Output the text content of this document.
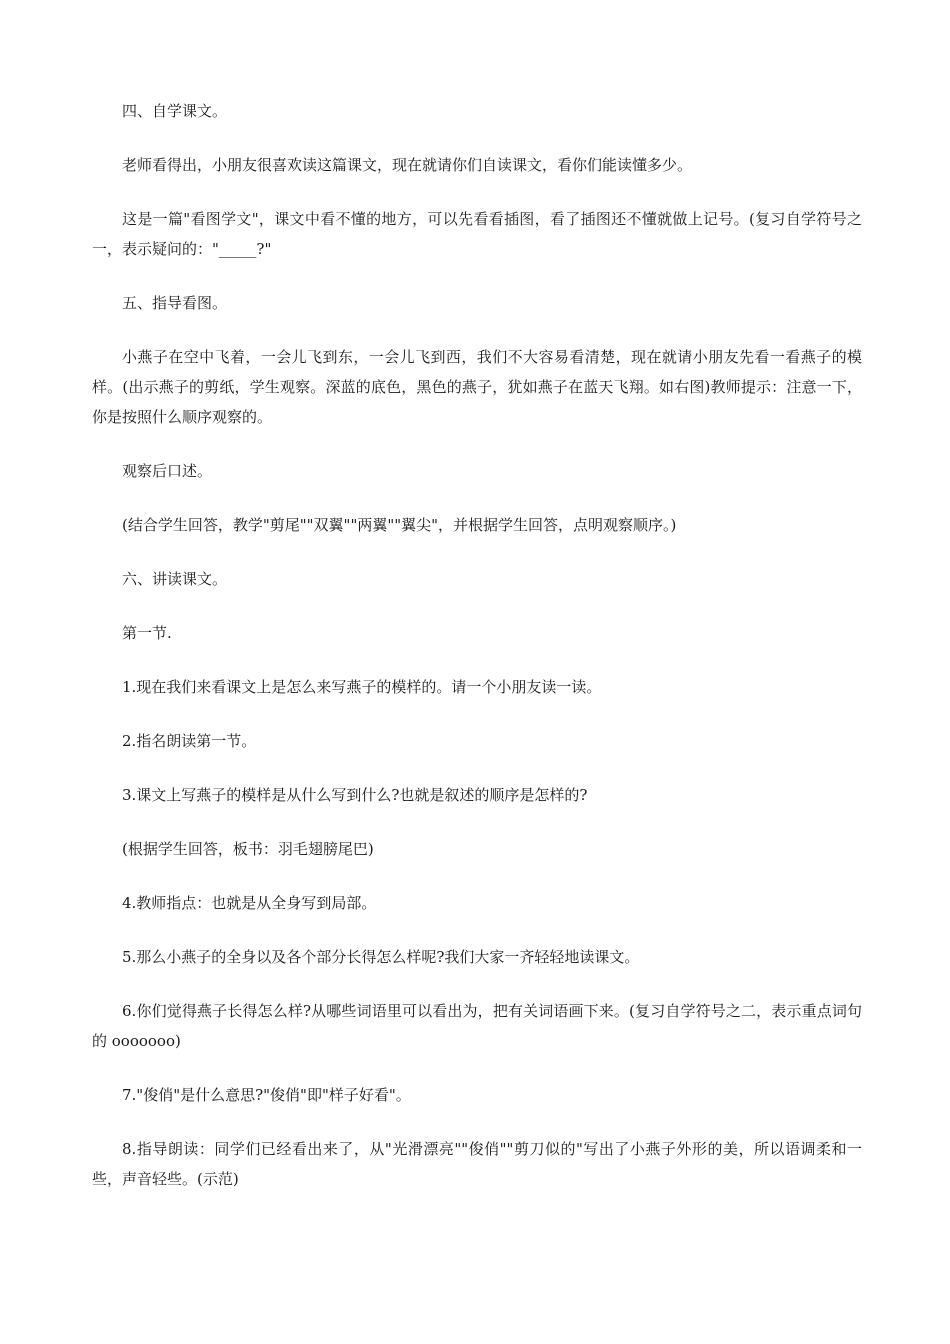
四、自学课文。

老师看得出，小朋友很喜欢读这篇课文，现在就请你们自读课文，看你们能读懂多少。

这是一篇"看图学文"，课文中看不懂的地方，可以先看看插图，看了插图还不懂就做上记号。(复习自学符号之一，表示疑问的："_____?"

五、指导看图。

小燕子在空中飞着，一会儿飞到东，一会儿飞到西，我们不大容易看清楚，现在就请小朋友先看一看燕子的模样。(出示燕子的剪纸，学生观察。深蓝的底色，黑色的燕子，犹如燕子在蓝天飞翔。如右图)教师提示：注意一下，你是按照什么顺序观察的。

观察后口述。

(结合学生回答，教学"剪尾""双翼""两翼""翼尖"，并根据学生回答，点明观察顺序。)

六、讲读课文。

第一节.

1.现在我们来看课文上是怎么来写燕子的模样的。请一个小朋友读一读。

2.指名朗读第一节。

3.课文上写燕子的模样是从什么写到什么?也就是叙述的顺序是怎样的?

(根据学生回答，板书：羽毛翅膀尾巴)

4.教师指点：也就是从全身写到局部。

5.那么小燕子的全身以及各个部分长得怎么样呢?我们大家一齐轻轻地读课文。

6.你们觉得燕子长得怎么样?从哪些词语里可以看出为，把有关词语画下来。(复习自学符号之二，表示重点词句的 ooooooo)

7."俊俏"是什么意思?"俊俏"即"样子好看"。

8.指导朗读：同学们已经看出来了，从"光滑漂亮""俊俏""剪刀似的"写出了小燕子外形的美，所以语调柔和一些，声音轻些。(示范)
